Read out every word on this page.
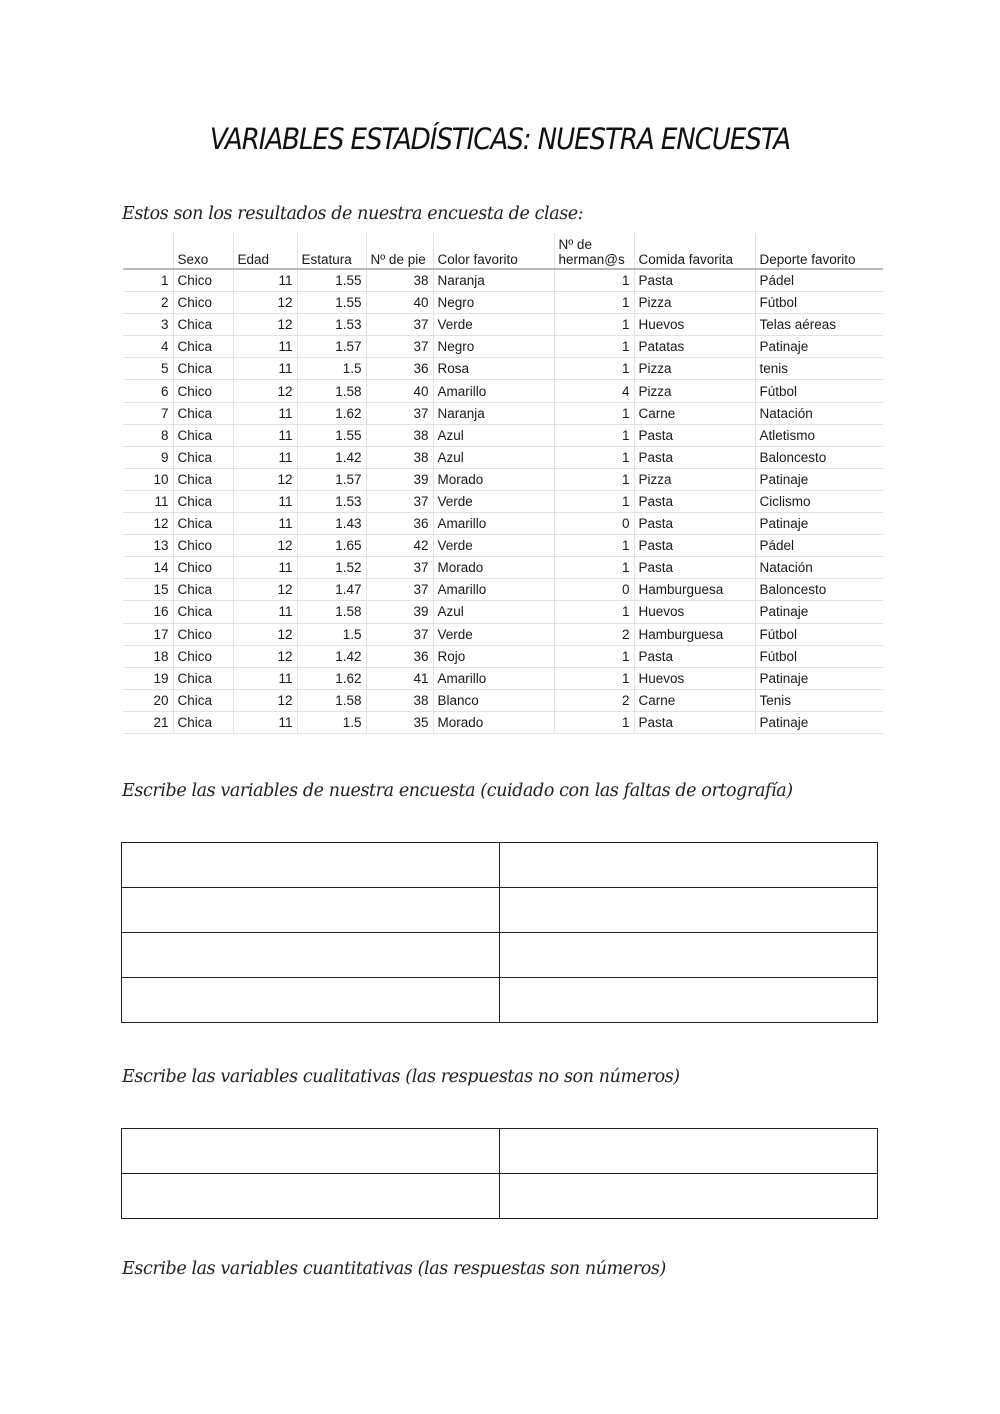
VARIABLES ESTADÍSTICAS: NUESTRA ENCUESTA
Estos son los resultados de nuestra encuesta de clase:
	Sexo	Edad	Estatura	Nº de pie	Color favorito	Nº de
herman@s	Comida favorita	Deporte favorito
1	Chico	11	1.55	38	Naranja	1	Pasta	Pádel
2	Chico	12	1.55	40	Negro	1	Pizza	Fútbol
3	Chica	12	1.53	37	Verde	1	Huevos	Telas aéreas
4	Chica	11	1.57	37	Negro	1	Patatas	Patinaje
5	Chica	11	1.5	36	Rosa	1	Pizza	tenis
6	Chico	12	1.58	40	Amarillo	4	Pizza	Fútbol
7	Chica	11	1.62	37	Naranja	1	Carne	Natación
8	Chica	11	1.55	38	Azul	1	Pasta	Atletismo
9	Chica	11	1.42	38	Azul	1	Pasta	Baloncesto
10	Chica	12	1.57	39	Morado	1	Pizza	Patinaje
11	Chica	11	1.53	37	Verde	1	Pasta	Ciclismo
12	Chica	11	1.43	36	Amarillo	0	Pasta	Patinaje
13	Chico	12	1.65	42	Verde	1	Pasta	Pádel
14	Chico	11	1.52	37	Morado	1	Pasta	Natación
15	Chica	12	1.47	37	Amarillo	0	Hamburguesa	Baloncesto
16	Chica	11	1.58	39	Azul	1	Huevos	Patinaje
17	Chico	12	1.5	37	Verde	2	Hamburguesa	Fútbol
18	Chico	12	1.42	36	Rojo	1	Pasta	Fútbol
19	Chica	11	1.62	41	Amarillo	1	Huevos	Patinaje
20	Chica	12	1.58	38	Blanco	2	Carne	Tenis
21	Chica	11	1.5	35	Morado	1	Pasta	Patinaje
Escribe las variables de nuestra encuesta (cuidado con las faltas de ortografía)

Escribe las variables cualitativas (las respuestas no son números)

Escribe las variables cuantitativas (las respuestas son números)
